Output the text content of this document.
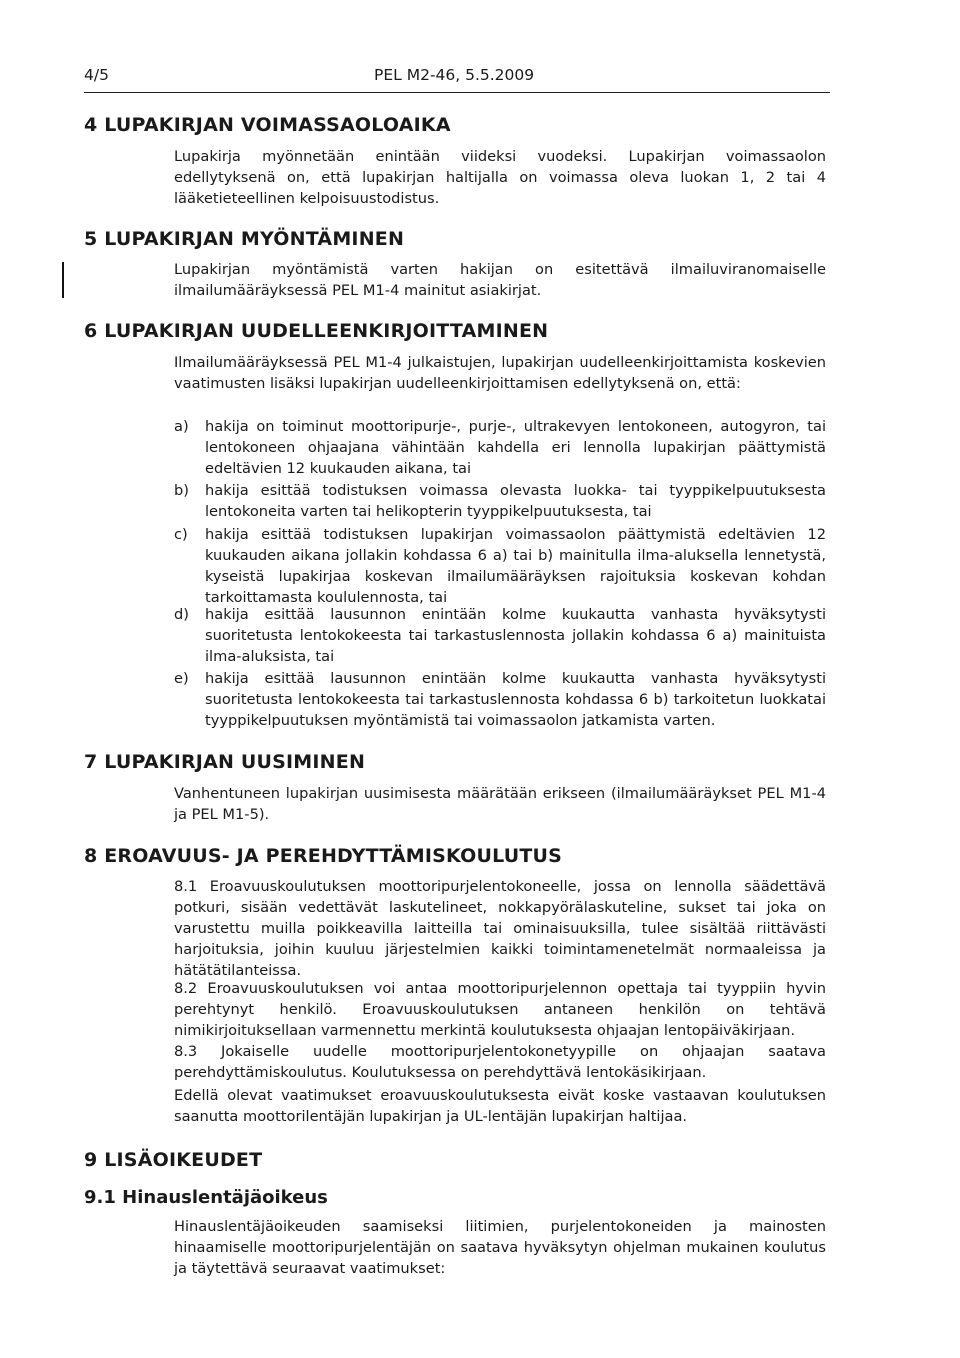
4/5	PEL M2-46, 5.5.2009
4 LUPAKIRJAN VOIMASSAOLOAIKA

Lupakirja myönnetään enintään viideksi vuodeksi. Lupakirjan voimassaolon edellytyksenä on, että lupakirjan haltijalla on voimassa oleva luokan 1, 2 tai 4 lääketieteellinen kelpoisuustodistus.

5 LUPAKIRJAN MYÖNTÄMINEN

Lupakirjan myöntämistä varten hakijan on esitettävä ilmailuviranomaiselle ilmailumääräyksessä PEL M1-4 mainitut asiakirjat.

6 LUPAKIRJAN UUDELLEENKIRJOITTAMINEN

Ilmailumääräyksessä PEL M1-4 julkaistujen, lupakirjan uudelleenkirjoittamista koskevien vaatimusten lisäksi lupakirjan uudelleenkirjoittamisen edellytyksenä on, että:

a) hakija on toiminut moottoripurje-, purje-, ultrakevyen lentokoneen, autogyron, tai lentokoneen ohjaajana vähintään kahdella eri lennolla lupakirjan päättymistä edeltävien 12 kuukauden aikana, tai
b) hakija esittää todistuksen voimassa olevasta luokka- tai tyyppikelpuutuksesta lentokoneita varten tai helikopterin tyyppikelpuutuksesta, tai
c) hakija esittää todistuksen lupakirjan voimassaolon päättymistä edeltävien 12 kuukauden aikana jollakin kohdassa 6 a) tai b) mainitulla ilma-aluksella lennetystä, kyseistä lupakirjaa koskevan ilmailumääräyksen rajoituksia koskevan kohdan tarkoittamasta koululennosta, tai
d) hakija esittää lausunnon enintään kolme kuukautta vanhasta hyväksytysti suoritetusta lentokokeesta tai tarkastuslennosta jollakin kohdassa 6 a) mainituista ilma-aluksista, tai
e) hakija esittää lausunnon enintään kolme kuukautta vanhasta hyväksytysti suoritetusta lentokokeesta tai tarkastuslennosta kohdassa 6 b) tarkoitetun luokkatai tyyppikelpuutuksen myöntämistä tai voimassaolon jatkamista varten.
7 LUPAKIRJAN UUSIMINEN

Vanhentuneen lupakirjan uusimisesta määrätään erikseen (ilmailumääräykset PEL M1-4 ja PEL M1-5).

8 EROAVUUS- JA PEREHDYTTÄMISKOULUTUS

8.1 Eroavuuskoulutuksen moottoripurjelentokoneelle, jossa on lennolla säädettävä potkuri, sisään vedettävät laskutelineet, nokkapyörälaskuteline, sukset tai joka on varustettu muilla poikkeavilla laitteilla tai ominaisuuksilla, tulee sisältää riittävästi harjoituksia, joihin kuuluu järjestelmien kaikki toimintamenetelmät normaaleissa ja hätätätilanteissa.

8.2 Eroavuuskoulutuksen voi antaa moottoripurjelennon opettaja tai tyyppiin hyvin perehtynyt henkilö. Eroavuuskoulutuksen antaneen henkilön on tehtävä nimikirjoituksellaan varmennettu merkintä koulutuksesta ohjaajan lentopäiväkirjaan.

8.3 Jokaiselle uudelle moottoripurjelentokonetyypille on ohjaajan saatava perehdyttämiskoulutus. Koulutuksessa on perehdyttävä lentokäsikirjaan.

Edellä olevat vaatimukset eroavuuskoulutuksesta eivät koske vastaavan koulutuksen saanutta moottorilentäjän lupakirjan ja UL-lentäjän lupakirjan haltijaa.

9 LISÄOIKEUDET
9.1 Hinauslentäjäoikeus

Hinauslentäjäoikeuden saamiseksi liitimien, purjelentokoneiden ja mainosten hinaamiselle moottoripurjelentäjän on saatava hyväksytyn ohjelman mukainen koulutus ja täytettävä seuraavat vaatimukset:
